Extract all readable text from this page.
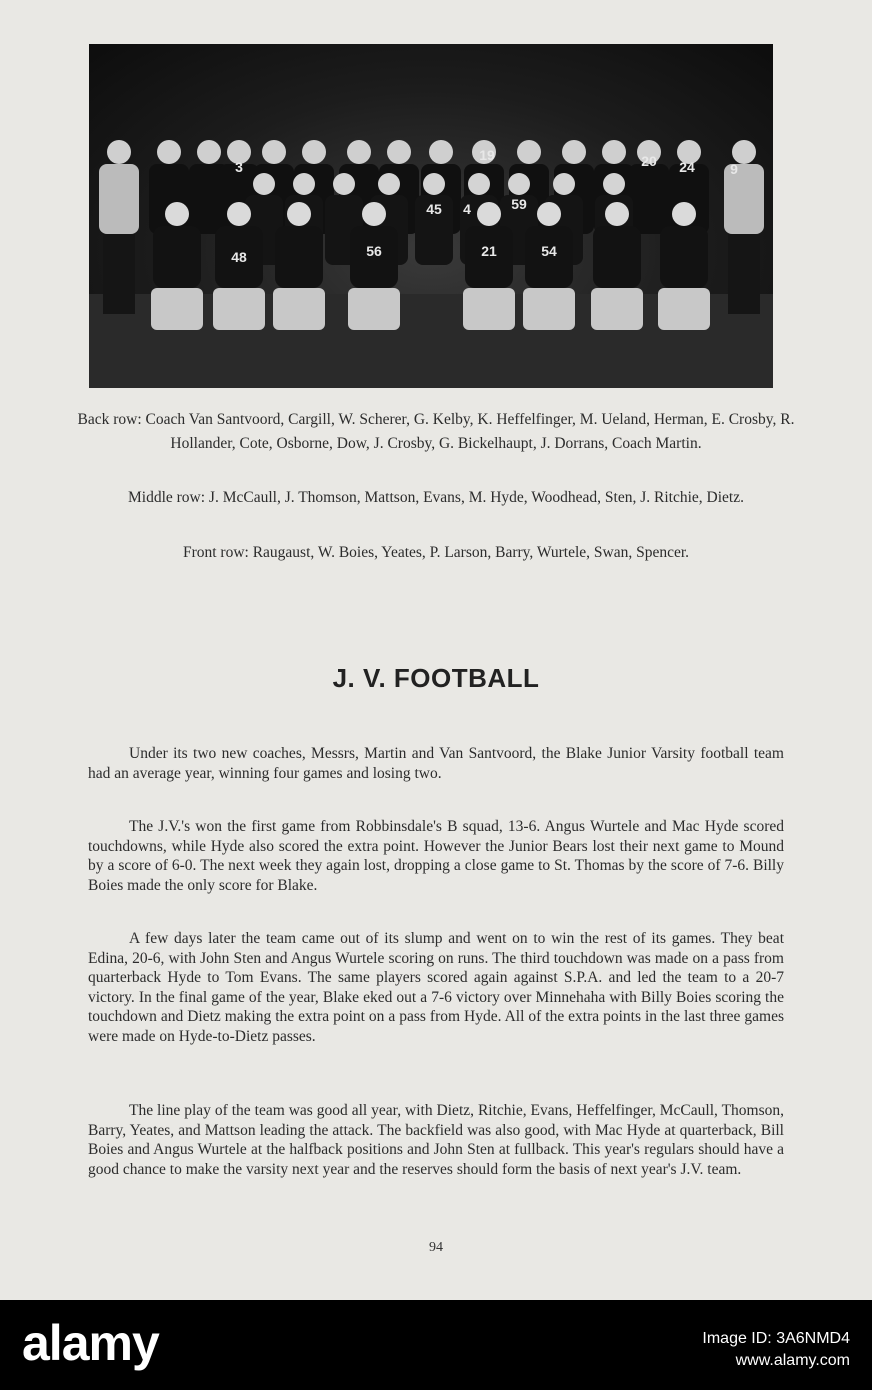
3
19	20 24	9
45 4	59
48	56	21	54

Back row: Coach Van Santvoord, Cargill, W. Scherer, G. Kelby, K. Heffelfinger, M. Ueland, Herman, E. Crosby, R. Hollander, Cote, Osborne, Dow, J. Crosby, G. Bickelhaupt, J. Dorrans, Coach Martin.

Middle row: J. McCaull, J. Thomson, Mattson, Evans, M. Hyde, Woodhead, Sten, J. Ritchie, Dietz.

Front row: Raugaust, W. Boies, Yeates, P. Larson, Barry, Wurtele, Swan, Spencer.

J. V. FOOTBALL

Under its two new coaches, Messrs, Martin and Van Santvoord, the Blake Junior Varsity football team had an average year, winning four games and losing two.

The J.V.'s won the first game from Robbinsdale's B squad, 13-6. Angus Wurtele and Mac Hyde scored touchdowns, while Hyde also scored the extra point. However the Junior Bears lost their next game to Mound by a score of 6-0. The next week they again lost, dropping a close game to St. Thomas by the score of 7-6. Billy Boies made the only score for Blake.

A few days later the team came out of its slump and went on to win the rest of its games. They beat Edina, 20-6, with John Sten and Angus Wurtele scoring on runs. The third touchdown was made on a pass from quarterback Hyde to Tom Evans. The same players scored again against S.P.A. and led the team to a 20-7 victory. In the final game of the year, Blake eked out a 7-6 victory over Minnehaha with Billy Boies scoring the touchdown and Dietz making the extra point on a pass from Hyde. All of the extra points in the last three games were made on Hyde-to-Dietz passes.

The line play of the team was good all year, with Dietz, Ritchie, Evans, Heffelfinger, McCaull, Thomson, Barry, Yeates, and Mattson leading the attack. The backfield was also good, with Mac Hyde at quarterback, Bill Boies and Angus Wurtele at the halfback positions and John Sten at fullback. This year's regulars should have a good chance to make the varsity next year and the reserves should form the basis of next year's J.V. team.

94

alamy	Image ID: 3A6NMD4
www.alamy.com
